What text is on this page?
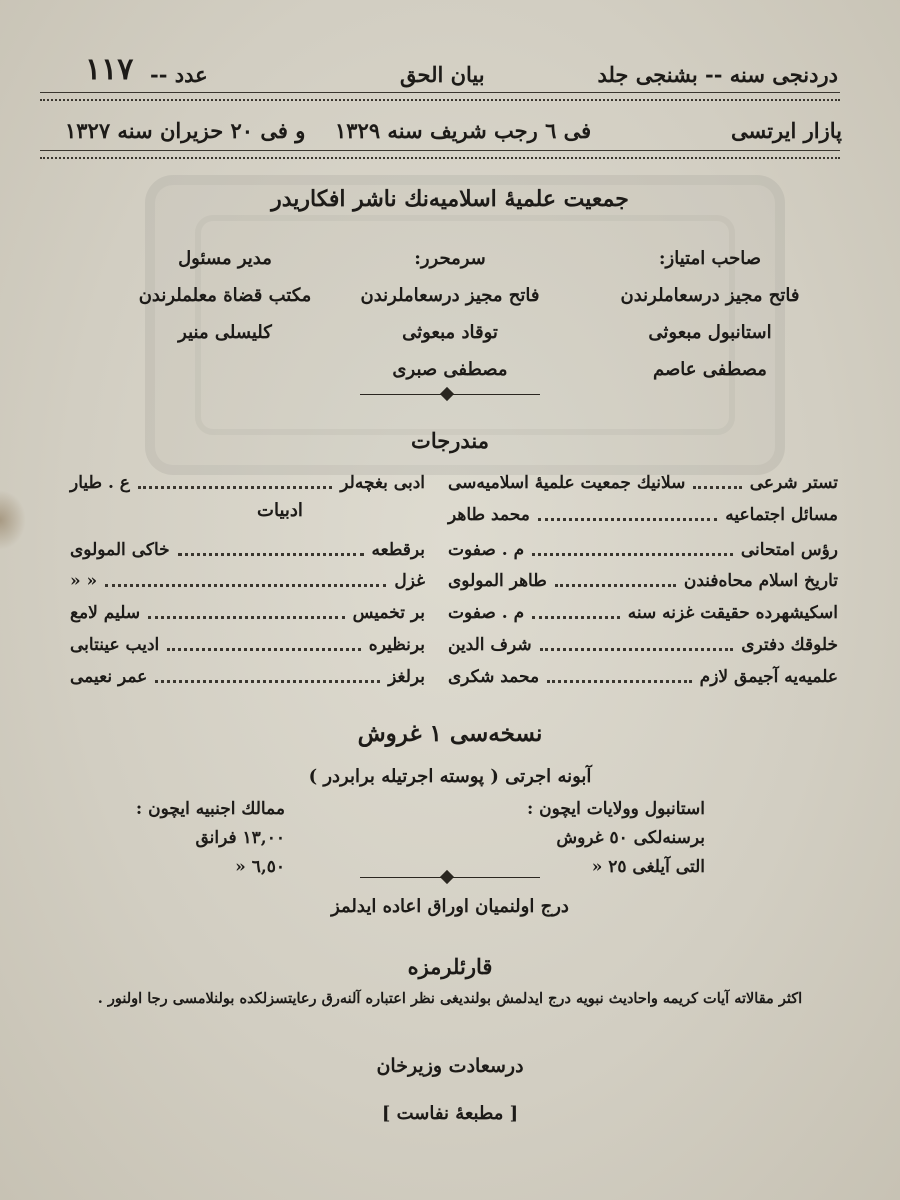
دردنجی سنه -- بشنجی جلد
بيان الحق
عدد --
١١٧
پازار ایرتسی
فی ٦ رجب شریف سنه ١٣٢٩
و فی ٢٠ حزیران سنه ١٣٢٧
جمعیت علمیهٔ اسلامیه‌نك ناشر افكاریدر
صاحب امتیاز:
فاتح مجیز درسعاملرندن
استانبول مبعوثی
مصطفی عاصم
سرمحرر:
فاتح مجیز درسعاملرندن
توقاد مبعوثی
مصطفی صبری
مدیر مسئول
مكتب قضاة معلملرندن
كلیسلی منیر
مندرجات
تستر شرعی
سلانیك جمعیت علمیهٔ اسلامیه‌سی
مسائل اجتماعیه
محمد طاهر
رؤس امتحانی
م . صفوت
تاریخ اسلام محاه‌فندن
طاهر المولوی
اسكیشهرده حقیقت غزنه سنه
م . صفوت
خلوقك دفتری
شرف الدین
علمیه‌یه آجیمق لازم
محمد شكری
ادبی بغچه‌لر
ع . طیار
ادبیات
برقطعه
خاكی المولوی
غزل
« «
بر تخمیس
سلیم لامع
برنظیره
ادیب عینتابی
برلغز
عمر نعیمی
نسخه‌سی ١ غروش
آبونه اجرتی ( پوسته اجرتیله برابردر )
استانبول وولایات ایچون :
برسنه‌لكی ٥٠ غروش
التی آیلغی ٢٥ «
ممالك اجنبیه ایچون :
١٣,٠٠ فرانق
٦,٥٠ «
درج اولنمیان اوراق اعاده ایدلمز
قارئلرمزه
اكثر مقالاته آیات كریمه واحادیث نبویه درج ایدلمش بولندیغی نظر اعتباره آلنه‌رق رعایتسزلكده بولنلامسی رجا اولنور .
درسعادت وزیرخان
[ مطبعهٔ نفاست ]
